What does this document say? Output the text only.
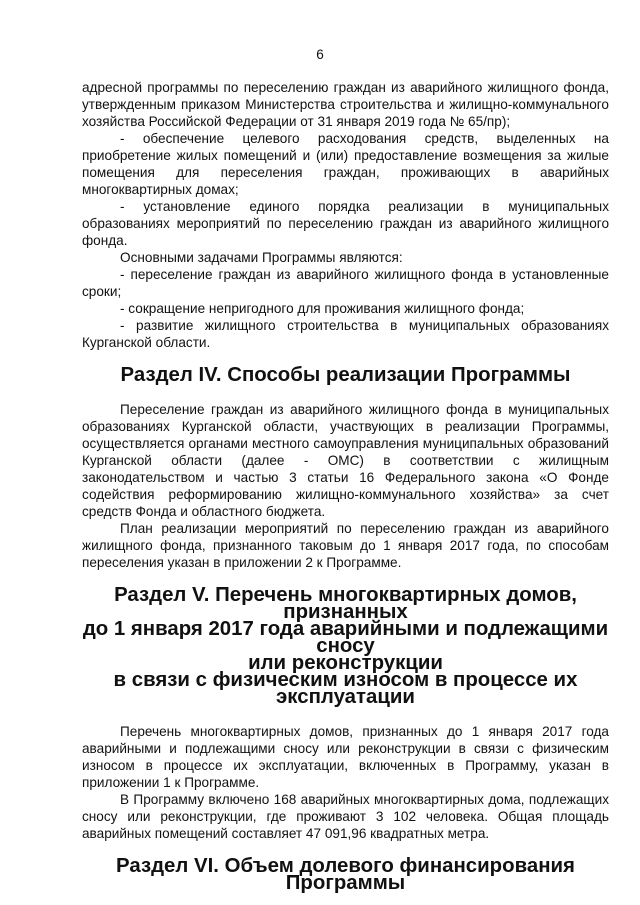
6

адресной программы по переселению граждан из аварийного жилищного фонда, утвержденным приказом Министерства строительства и жилищно-коммунального хозяйства Российской Федерации от 31 января 2019 года № 65/пр);

- обеспечение целевого расходования средств, выделенных на приобретение жилых помещений и (или) предоставление возмещения за жилые помещения для переселения граждан, проживающих в аварийных многоквартирных домах;

- установление единого порядка реализации в муниципальных образованиях мероприятий по переселению граждан из аварийного жилищного фонда.

Основными задачами Программы являются:

- переселение граждан из аварийного жилищного фонда в установленные сроки;

- сокращение непригодного для проживания жилищного фонда;

- развитие жилищного строительства в муниципальных образованиях Курганской области.

Раздел IV. Способы реализации Программы

Переселение граждан из аварийного жилищного фонда в муниципальных образованиях Курганской области, участвующих в реализации Программы, осуществляется органами местного самоуправления муниципальных образований Курганской области (далее - ОМС) в соответствии с жилищным законодательством и частью 3 статьи 16 Федерального закона «О Фонде содействия реформированию жилищно-коммунального хозяйства» за счет средств Фонда и областного бюджета.

План реализации мероприятий по переселению граждан из аварийного жилищного фонда, признанного таковым до 1 января 2017 года, по способам переселения указан в приложении 2 к Программе.

Раздел V. Перечень многоквартирных домов, признанных
до 1 января 2017 года аварийными и подлежащими сносу
или реконструкции
в связи с физическим износом в процессе их эксплуатации

Перечень многоквартирных домов, признанных до 1 января 2017 года аварийными и подлежащими сносу или реконструкции в связи с физическим износом в процессе их эксплуатации, включенных в Программу, указан в приложении 1 к Программе.

В Программу включено 168 аварийных многоквартирных дома, подлежащих сносу или реконструкции, где проживают 3 102 человека. Общая площадь аварийных помещений составляет 47 091,96 квадратных метра.

Раздел VI. Объем долевого финансирования Программы
